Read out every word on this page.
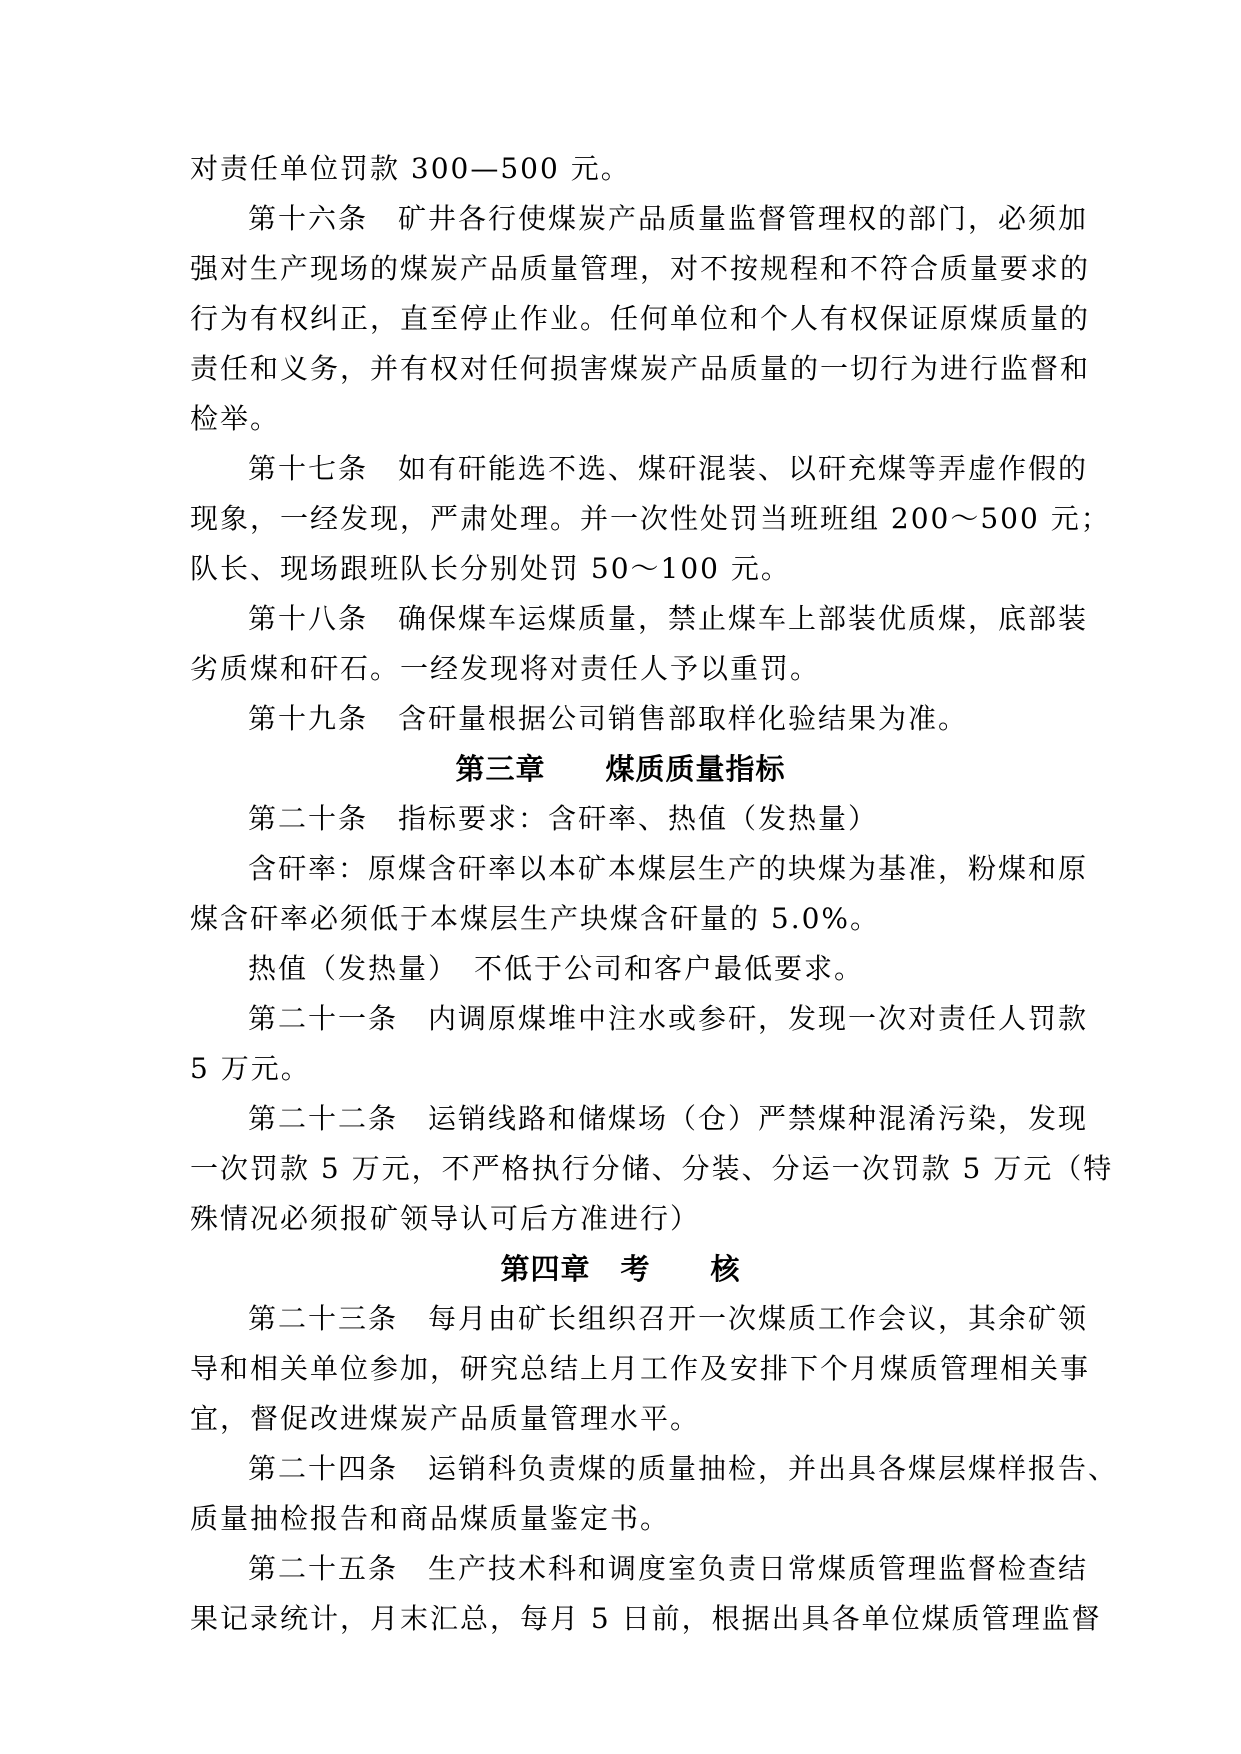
对责任单位罚款 300—500 元。
第十六条　矿井各行使煤炭产品质量监督管理权的部门，必须加
强对生产现场的煤炭产品质量管理，对不按规程和不符合质量要求的
行为有权纠正，直至停止作业。任何单位和个人有权保证原煤质量的
责任和义务，并有权对任何损害煤炭产品质量的一切行为进行监督和
检举。
第十七条　如有矸能选不选、煤矸混装、以矸充煤等弄虚作假的
现象，一经发现，严肃处理。并一次性处罚当班班组 200～500 元；
队长、现场跟班队长分别处罚 50～100 元。
第十八条　确保煤车运煤质量，禁止煤车上部装优质煤，底部装
劣质煤和矸石。一经发现将对责任人予以重罚。
第十九条　含矸量根据公司销售部取样化验结果为准。
第三章　　煤质质量指标
第二十条　指标要求：含矸率、热值（发热量）
含矸率：原煤含矸率以本矿本煤层生产的块煤为基准，粉煤和原
煤含矸率必须低于本煤层生产块煤含矸量的 5.0%。
热值（发热量）　不低于公司和客户最低要求。
第二十一条　内调原煤堆中注水或参矸，发现一次对责任人罚款
5 万元。
第二十二条　运销线路和储煤场（仓）严禁煤种混淆污染，发现
一次罚款 5 万元，不严格执行分储、分装、分运一次罚款 5 万元（特
殊情况必须报矿领导认可后方准进行）
第四章　考　　核
第二十三条　每月由矿长组织召开一次煤质工作会议，其余矿领
导和相关单位参加，研究总结上月工作及安排下个月煤质管理相关事
宜，督促改进煤炭产品质量管理水平。
第二十四条　运销科负责煤的质量抽检，并出具各煤层煤样报告、
质量抽检报告和商品煤质量鉴定书。
第二十五条　生产技术科和调度室负责日常煤质管理监督检查结
果记录统计，月末汇总，每月 5 日前，根据出具各单位煤质管理监督
